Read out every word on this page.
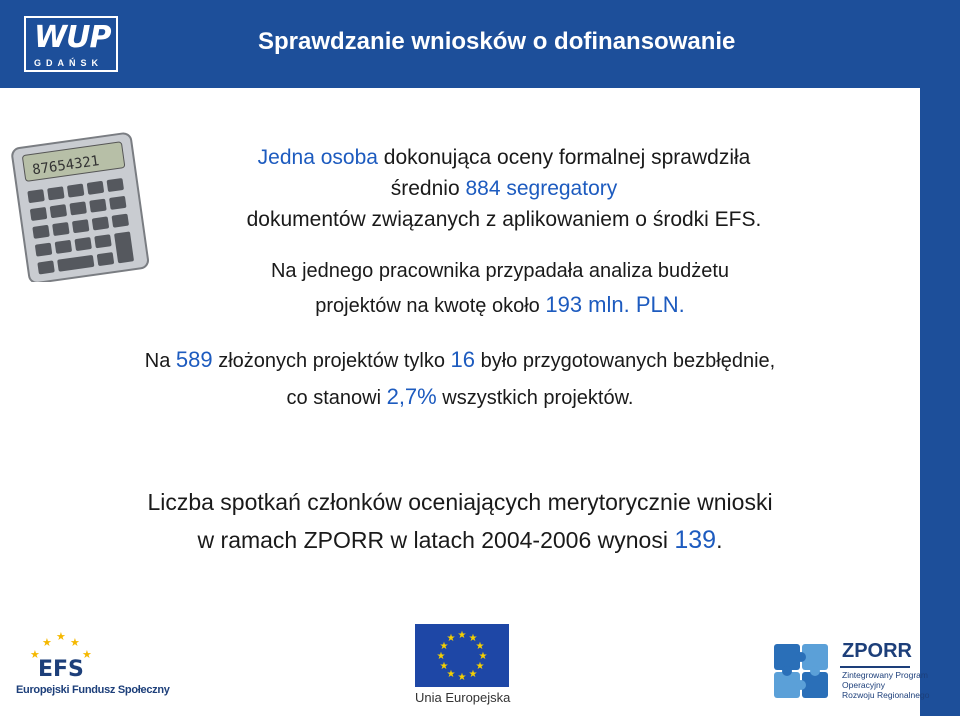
WUP
GDAŃSK
Sprawdzanie wniosków o dofinansowanie
87654321	Jedna osoba dokonująca oceny formalnej sprawdziła
średnio 884 segregatory
dokumentów związanych z aplikowaniem o środki EFS.
Na jednego pracownika przypadała analiza budżetu
projektów na kwotę około 193 mln. PLN.
Na 589 złożonych projektów tylko 16 było przygotowanych bezbłędnie,
co stanowi 2,7% wszystkich projektów.
Liczba spotkań członków oceniających merytorycznie wnioski
w ramach ZPORR w latach 2004-2006 wynosi 139.
★
★ ★ ★
★
EFS
Europejski Fundusz Społeczny
★ ★
★
★
★
★
★
★
★
★
★
★
Unia Europejska
ZPORR
Zintegrowany Program
Operacyjny
Rozwoju Regionalnego
